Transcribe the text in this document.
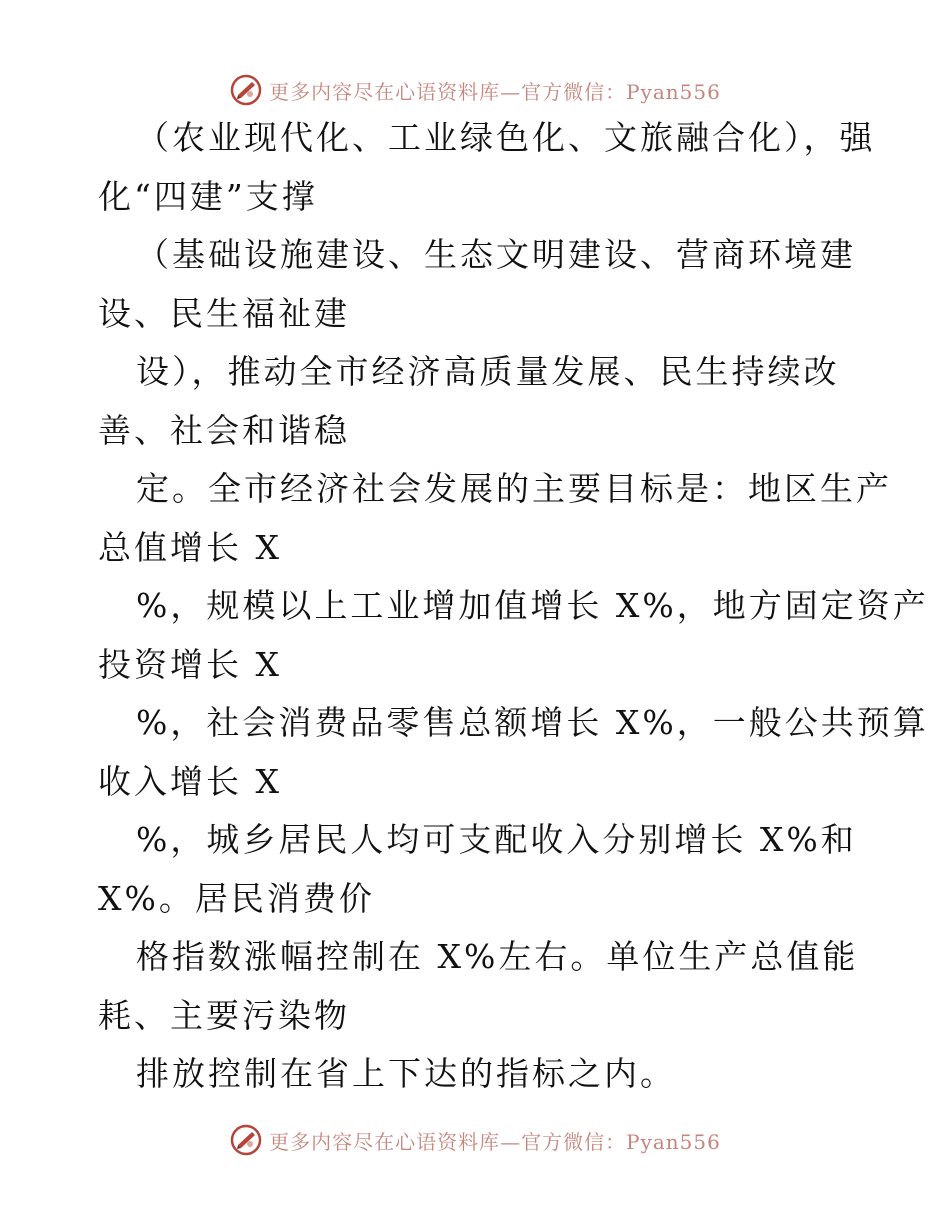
更多内容尽在心语资料库—官方微信：Pyan556
（农业现代化、工业绿色化、文旅融合化），强
化“四建”支撑
（基础设施建设、生态文明建设、营商环境建
设、民生福祉建
设），推动全市经济高质量发展、民生持续改
善、社会和谐稳
定。全市经济社会发展的主要目标是：地区生产
总值增长 X
%，规模以上工业增加值增长 X%，地方固定资产
投资增长 X
%，社会消费品零售总额增长 X%，一般公共预算
收入增长 X
%，城乡居民人均可支配收入分别增长 X%和
X%。居民消费价
格指数涨幅控制在 X%左右。单位生产总值能
耗、主要污染物
排放控制在省上下达的指标之内。
更多内容尽在心语资料库—官方微信：Pyan556
